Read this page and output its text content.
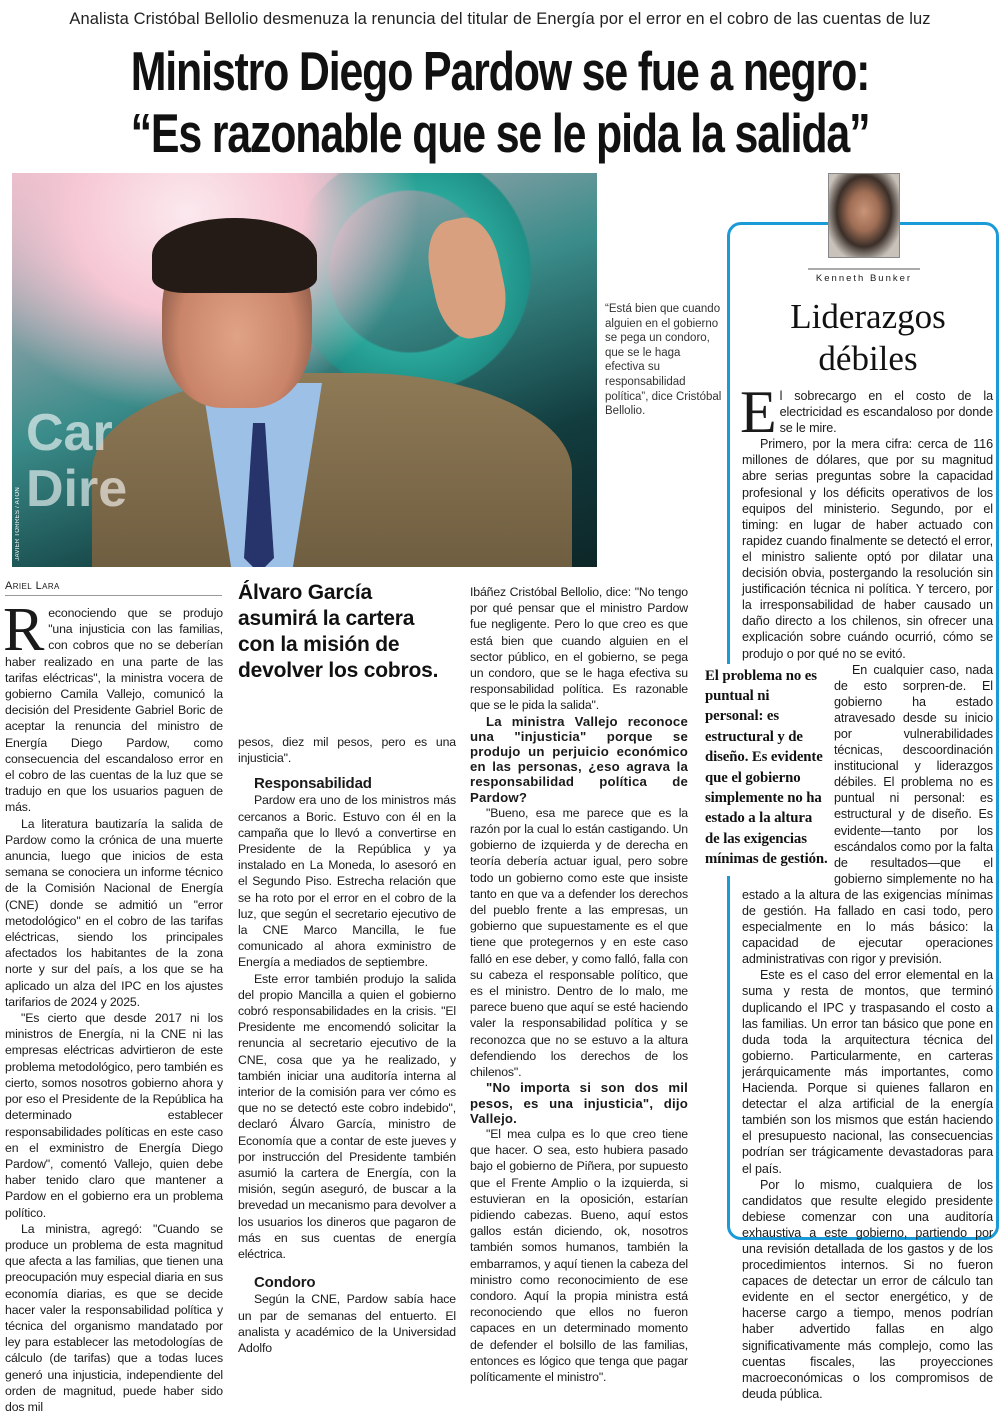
Analista Cristóbal Bellolio desmenuza la renuncia del titular de Energía por el error en el cobro de las cuentas de luz
Ministro Diego Pardow se fue a negro:
“Es razonable que se le pida la salida”
Car
Dire
JAVIER TORRES / ATON
“Está bien que cuando alguien en el gobierno se pega un condoro, que se le haga efectiva su responsabilidad política”, dice Cristóbal Bellolio.
Ariel Lara

Reconociendo que se produjo "una injusticia con las familias, con cobros que no se deberían haber realizado en una parte de las tarifas eléctricas", la ministra vocera de gobierno Camila Vallejo, comunicó la decisión del Presidente Gabriel Boric de aceptar la renuncia del ministro de Energía Diego Pardow, como consecuencia del escandaloso error en el cobro de las cuentas de la luz que se tradujo en que los usuarios paguen de más.

La literatura bautizaría la salida de Pardow como la crónica de una muerte anuncia, luego que inicios de esta semana se conociera un informe técnico de la Comisión Nacional de Energía (CNE) donde se admitió un "error metodológico" en el cobro de las tarifas eléctricas, siendo los principales afectados los habitantes de la zona norte y sur del país, a los que se ha aplicado un alza del IPC en los ajustes tarifarios de 2024 y 2025.

"Es cierto que desde 2017 ni los ministros de Energía, ni la CNE ni las empresas eléctricas advirtieron de este problema metodológico, pero también es cierto, somos nosotros gobierno ahora y por eso el Presidente de la República ha determinado establecer responsabilidades políticas en este caso en el exministro de Energía Diego Pardow", comentó Vallejo, quien debe haber tenido claro que mantener a Pardow en el gobierno era un problema político.

La ministra, agregó: "Cuando se produce un problema de esta magnitud que afecta a las familias, que tienen una preocupación muy especial diaria en sus economía diarias, es que se decide hacer valer la responsabilidad política y técnica del organismo mandatado por ley para establecer las metodologías de cálculo (de tarifas) que a todas luces generó una injusticia, independiente del orden de magnitud, puede haber sido dos mil

Álvaro García asumirá la cartera con la misión de devolver los cobros.

pesos, diez mil pesos, pero es una injusticia".

Responsabilidad

Pardow era uno de los ministros más cercanos a Boric. Estuvo con él en la campaña que lo llevó a convertirse en Presidente de la República y ya instalado en La Moneda, lo asesoró en el Segundo Piso. Estrecha relación que se ha roto por el error en el cobro de la luz, que según el secretario ejecutivo de la CNE Marco Mancilla, le fue comunicado al ahora exministro de Energía a mediados de septiembre.

Este error también produjo la salida del propio Mancilla a quien el gobierno cobró responsabilidades en la crisis. "El Presidente me encomendó solicitar la renuncia al secretario ejecutivo de la CNE, cosa que ya he realizado, y también iniciar una auditoría interna al interior de la comisión para ver cómo es que no se detectó este cobro indebido", declaró Álvaro García, ministro de Economía que a contar de este jueves y por instrucción del Presidente también asumió la cartera de Energía, con la misión, según aseguró, de buscar a la brevedad un mecanismo para devolver a los usuarios los dineros que pagaron de más en sus cuentas de energía eléctrica.

Condoro

Según la CNE, Pardow sabía hace un par de semanas del entuerto. El analista y académico de la Universidad Adolfo

Ibáñez Cristóbal Bellolio, dice: "No tengo por qué pensar que el ministro Pardow fue negligente. Pero lo que creo es que está bien que cuando alguien en el sector público, en el gobierno, se pega un condoro, que se le haga efectiva su responsabilidad política. Es razonable que se le pida la salida".

La ministra Vallejo reconoce una "injusticia" porque se produjo un perjuicio económico en las personas, ¿eso agrava la responsabilidad política de Pardow?

"Bueno, esa me parece que es la razón por la cual lo están castigando. Un gobierno de izquierda y de derecha en teoría debería actuar igual, pero sobre todo un gobierno como este que insiste tanto en que va a defender los derechos del pueblo frente a las empresas, un gobierno que supuestamente es el que tiene que protegernos y en este caso falló en ese deber, y como falló, falla con su cabeza el responsable político, que es el ministro. Dentro de lo malo, me parece bueno que aquí se esté haciendo valer la responsabilidad política y se reconozca que no se estuvo a la altura defendiendo los derechos de los chilenos".

"No importa si son dos mil pesos, es una injusticia", dijo Vallejo.

"El mea culpa es lo que creo tiene que hacer. O sea, esto hubiera pasado bajo el gobierno de Piñera, por supuesto que el Frente Amplio o la izquierda, si estuvieran en la oposición, estarían pidiendo cabezas. Bueno, aquí estos gallos están diciendo, ok, nosotros también somos humanos, también la embarramos, y aquí tienen la cabeza del ministro como reconocimiento de ese condoro. Aquí la propia ministra está reconociendo que ellos no fueron capaces en un determinado momento de defender el bolsillo de las familias, entonces es lógico que tenga que pagar políticamente el ministro".

Kenneth Bunker
Liderazgos débiles

El sobrecargo en el costo de la electricidad es escandaloso por donde se le mire.

Primero, por la mera cifra: cerca de 116 millones de dólares, que por su magnitud abre serias preguntas sobre la capacidad profesional y los déficits operativos de los equipos del ministerio. Segundo, por el timing: en lugar de haber actuado con rapidez cuando finalmente se detectó el error, el ministro saliente optó por dilatar una decisión obvia, postergando la resolución sin justificación técnica ni política. Y tercero, por la irresponsabilidad de haber causado un daño directo a los chilenos, sin ofrecer una explicación sobre cuándo ocurrió, cómo se produjo o por qué no se evitó.

El problema no es puntual ni personal: es estructural y de diseño. Es evidente que el gobierno simplemente no ha estado a la altura de las exigencias mínimas de gestión.
En cualquier caso, nada de esto sorpren-de. El gobierno ha estado atravesado desde su inicio por vulnerabilidades técnicas, descoordinación institucional y liderazgos débiles. El problema no es puntual ni personal: es estructural y de diseño. Es evidente—tanto por los escándalos como por la falta de resultados—que el gobierno simplemente no ha estado a la altura de las exigencias mínimas de gestión. Ha fallado en casi todo, pero especialmente en lo más básico: la capacidad de ejecutar operaciones administrativas con rigor y previsión.

Este es el caso del error elemental en la suma y resta de montos, que terminó duplicando el IPC y traspasando el costo a las familias. Un error tan básico que pone en duda toda la arquitectura técnica del gobierno. Particularmente, en carteras jerárquicamente más importantes, como Hacienda. Porque si quienes fallaron en detectar el alza artificial de la energía también son los mismos que están haciendo el presupuesto nacional, las consecuencias podrían ser trágicamente devastadoras para el país.

Por lo mismo, cualquiera de los candidatos que resulte elegido presidente debiese comenzar con una auditoría exhaustiva a este gobierno, partiendo por una revisión detallada de los gastos y de los procedimientos internos. Si no fueron capaces de detectar un error de cálculo tan evidente en el sector energético, y de hacerse cargo a tiempo, menos podrían haber advertido fallas en algo significativamente más complejo, como las cuentas fiscales, las proyecciones macroeconómicas o los compromisos de deuda pública.
